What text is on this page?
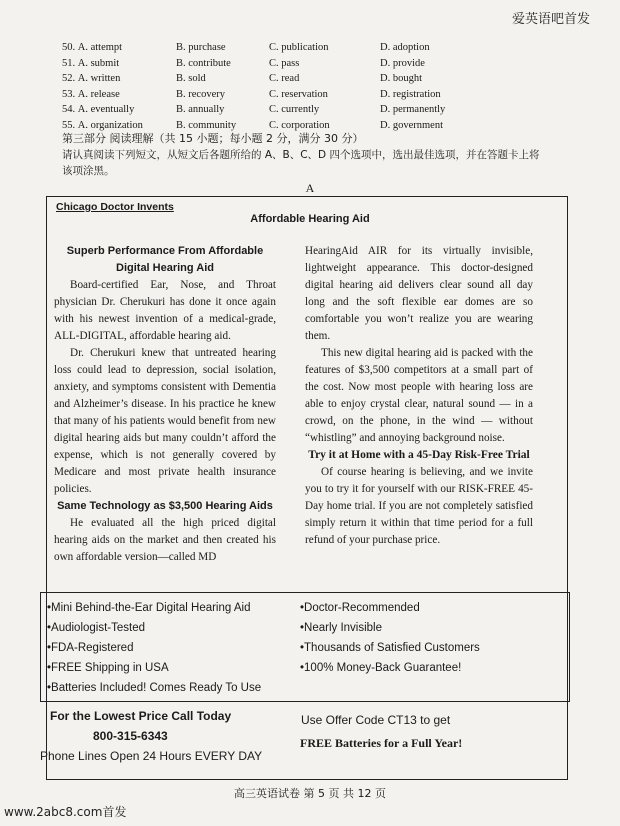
爱英语吧首发
50. A. attempt	B. purchase	C. publication	D. adoption
51. A. submit	B. contribute	C. pass	D. provide
52. A. written	B. sold	C. read	D. bought
53. A. release	B. recovery	C. reservation	D. registration
54. A. eventually	B. annually	C. currently	D. permanently
55. A. organization	B. community	C. corporation	D. government
第三部分 阅读理解（共 15 小题；每小题 2 分，满分 30 分）
请认真阅读下列短文，从短文后各题所给的 A、B、C、D 四个选项中，选出最佳选项，并在答题卡上将该项涂黑。
A
Chicago Doctor Invents
Affordable Hearing Aid

Superb Performance From Affordable Digital Hearing Aid

Board-certified Ear, Nose, and Throat physician Dr. Cherukuri has done it once again with his newest invention of a medical-grade, ALL-DIGITAL, affordable hearing aid.

Dr. Cherukuri knew that untreated hearing loss could lead to depression, social isolation, anxiety, and symptoms consistent with Dementia and Alzheimer’s disease. In his practice he knew that many of his patients would benefit from new digital hearing aids but many couldn’t afford the expense, which is not generally covered by Medicare and most private health insurance policies.

Same Technology as $3,500 Hearing Aids

He evaluated all the high priced digital hearing aids on the market and then created his own affordable version—called MD

HearingAid AIR for its virtually invisible, lightweight appearance. This doctor-designed digital hearing aid delivers clear sound all day long and the soft flexible ear domes are so comfortable you won’t realize you are wearing them.

This new digital hearing aid is packed with the features of $3,500 competitors at a small part of the cost. Now most people with hearing loss are able to enjoy crystal clear, natural sound — in a crowd, on the phone, in the wind — without “whistling” and annoying background noise.

Try it at Home with a 45-Day Risk-Free Trial

Of course hearing is believing, and we invite you to try it for yourself with our RISK-FREE 45-Day home trial. If you are not completely satisfied simply return it within that time period for a full refund of your purchase price.

• Mini Behind-the-Ear Digital Hearing Aid
• Audiologist-Tested
• FDA-Registered
• FREE Shipping in USA
• Batteries Included! Comes Ready To Use
• Doctor-Recommended
• Nearly Invisible
• Thousands of Satisfied Customers
• 100% Money-Back Guarantee!
For the Lowest Price Call Today
800-315-6343
Phone Lines Open 24 Hours EVERY DAY
Use Offer Code CT13 to get
FREE Batteries for a Full Year!
高三英语试卷 第 5 页 共 12 页
www.2abc8.com首发
